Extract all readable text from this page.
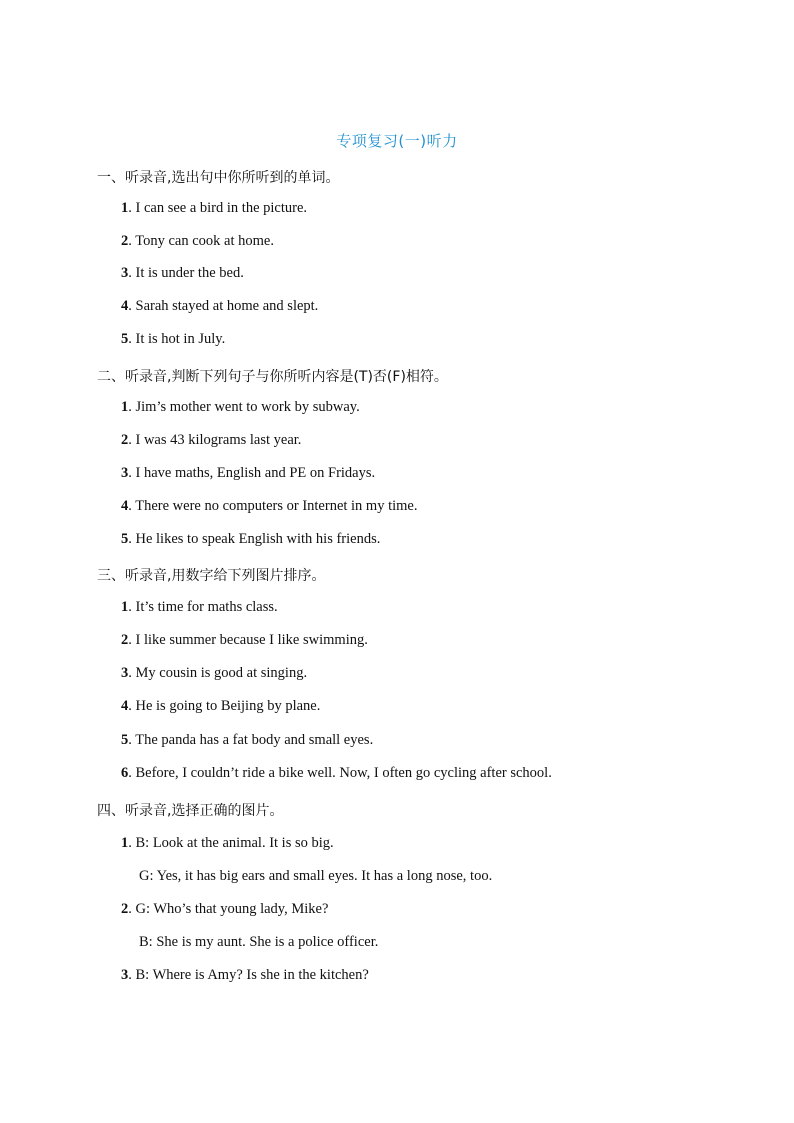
专项复习(一)听力
一、听录音,选出句中你所听到的单词。
1. I can see a bird in the picture.
2. Tony can cook at home.
3. It is under the bed.
4. Sarah stayed at home and slept.
5. It is hot in July.
二、听录音,判断下列句子与你所听内容是(T)否(F)相符。
1. Jim’s mother went to work by subway.
2. I was 43 kilograms last year.
3. I have maths, English and PE on Fridays.
4. There were no computers or Internet in my time.
5. He likes to speak English with his friends.
三、听录音,用数字给下列图片排序。
1. It’s time for maths class.
2. I like summer because I like swimming.
3. My cousin is good at singing.
4. He is going to Beijing by plane.
5. The panda has a fat body and small eyes.
6. Before, I couldn’t ride a bike well. Now, I often go cycling after school.
四、听录音,选择正确的图片。
1. B: Look at the animal. It is so big.
G: Yes, it has big ears and small eyes. It has a long nose, too.
2. G: Who’s that young lady, Mike?
B: She is my aunt. She is a police officer.
3. B: Where is Amy? Is she in the kitchen?
